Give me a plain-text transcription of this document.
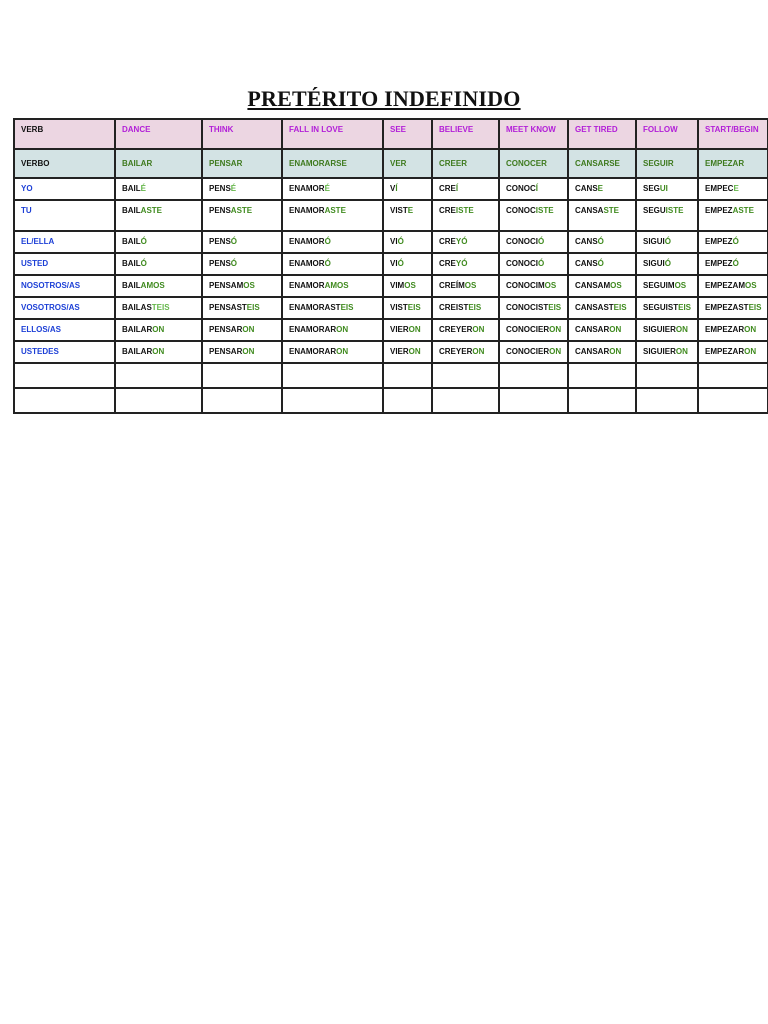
PRETÉRITO INDEFINIDO
VERB	DANCE	THINK	FALL IN LOVE	SEE	BELIEVE	MEET KNOW	GET TIRED	FOLLOW	START/BEGIN

VERBO	BAILAR	PENSAR	ENAMORARSE	VER	CREER	CONOCER	CANSARSE	SEGUIR	EMPEZAR

YO	BAILÉ	PENSÉ	ENAMORÉ	VÍ	CREÍ	CONOCÍ	CANSE	SEGUI	EMPECE

TU	BAILASTE	PENSASTE	ENAMORASTE	VISTE	CREISTE	CONOCISTE	CANSASTE	SEGUISTE	EMPEZASTE

EL/ELLA	BAILÓ	PENSÓ	ENAMORÓ	VIÓ	CREYÓ	CONOCIÓ	CANSÓ	SIGUIÓ	EMPEZÓ

USTED	BAILÓ	PENSÓ	ENAMORÓ	VIÓ	CREYÓ	CONOCIÓ	CANSÓ	SIGUIÓ	EMPEZÓ

NOSOTROS/AS	BAILAMOS	PENSAMOS	ENAMORAMOS	VIMOS	CREÍMOS	CONOCIMOS	CANSAMOS	SEGUIMOS	EMPEZAMOS

VOSOTROS/AS	BAILASTEIS	PENSASTEIS	ENAMORASTEIS	VISTEIS	CREISTEIS	CONOCISTEIS	CANSASTEIS	SEGUISTEIS	EMPEZASTEIS

ELLOS/AS	BAILARON	PENSARON	ENAMORARON	VIERON	CREYERON	CONOCIERON	CANSARON	SIGUIERON	EMPEZARON

USTEDES	BAILARON	PENSARON	ENAMORARON	VIERON	CREYERON	CONOCIERON	CANSARON	SIGUIERON	EMPEZARON
